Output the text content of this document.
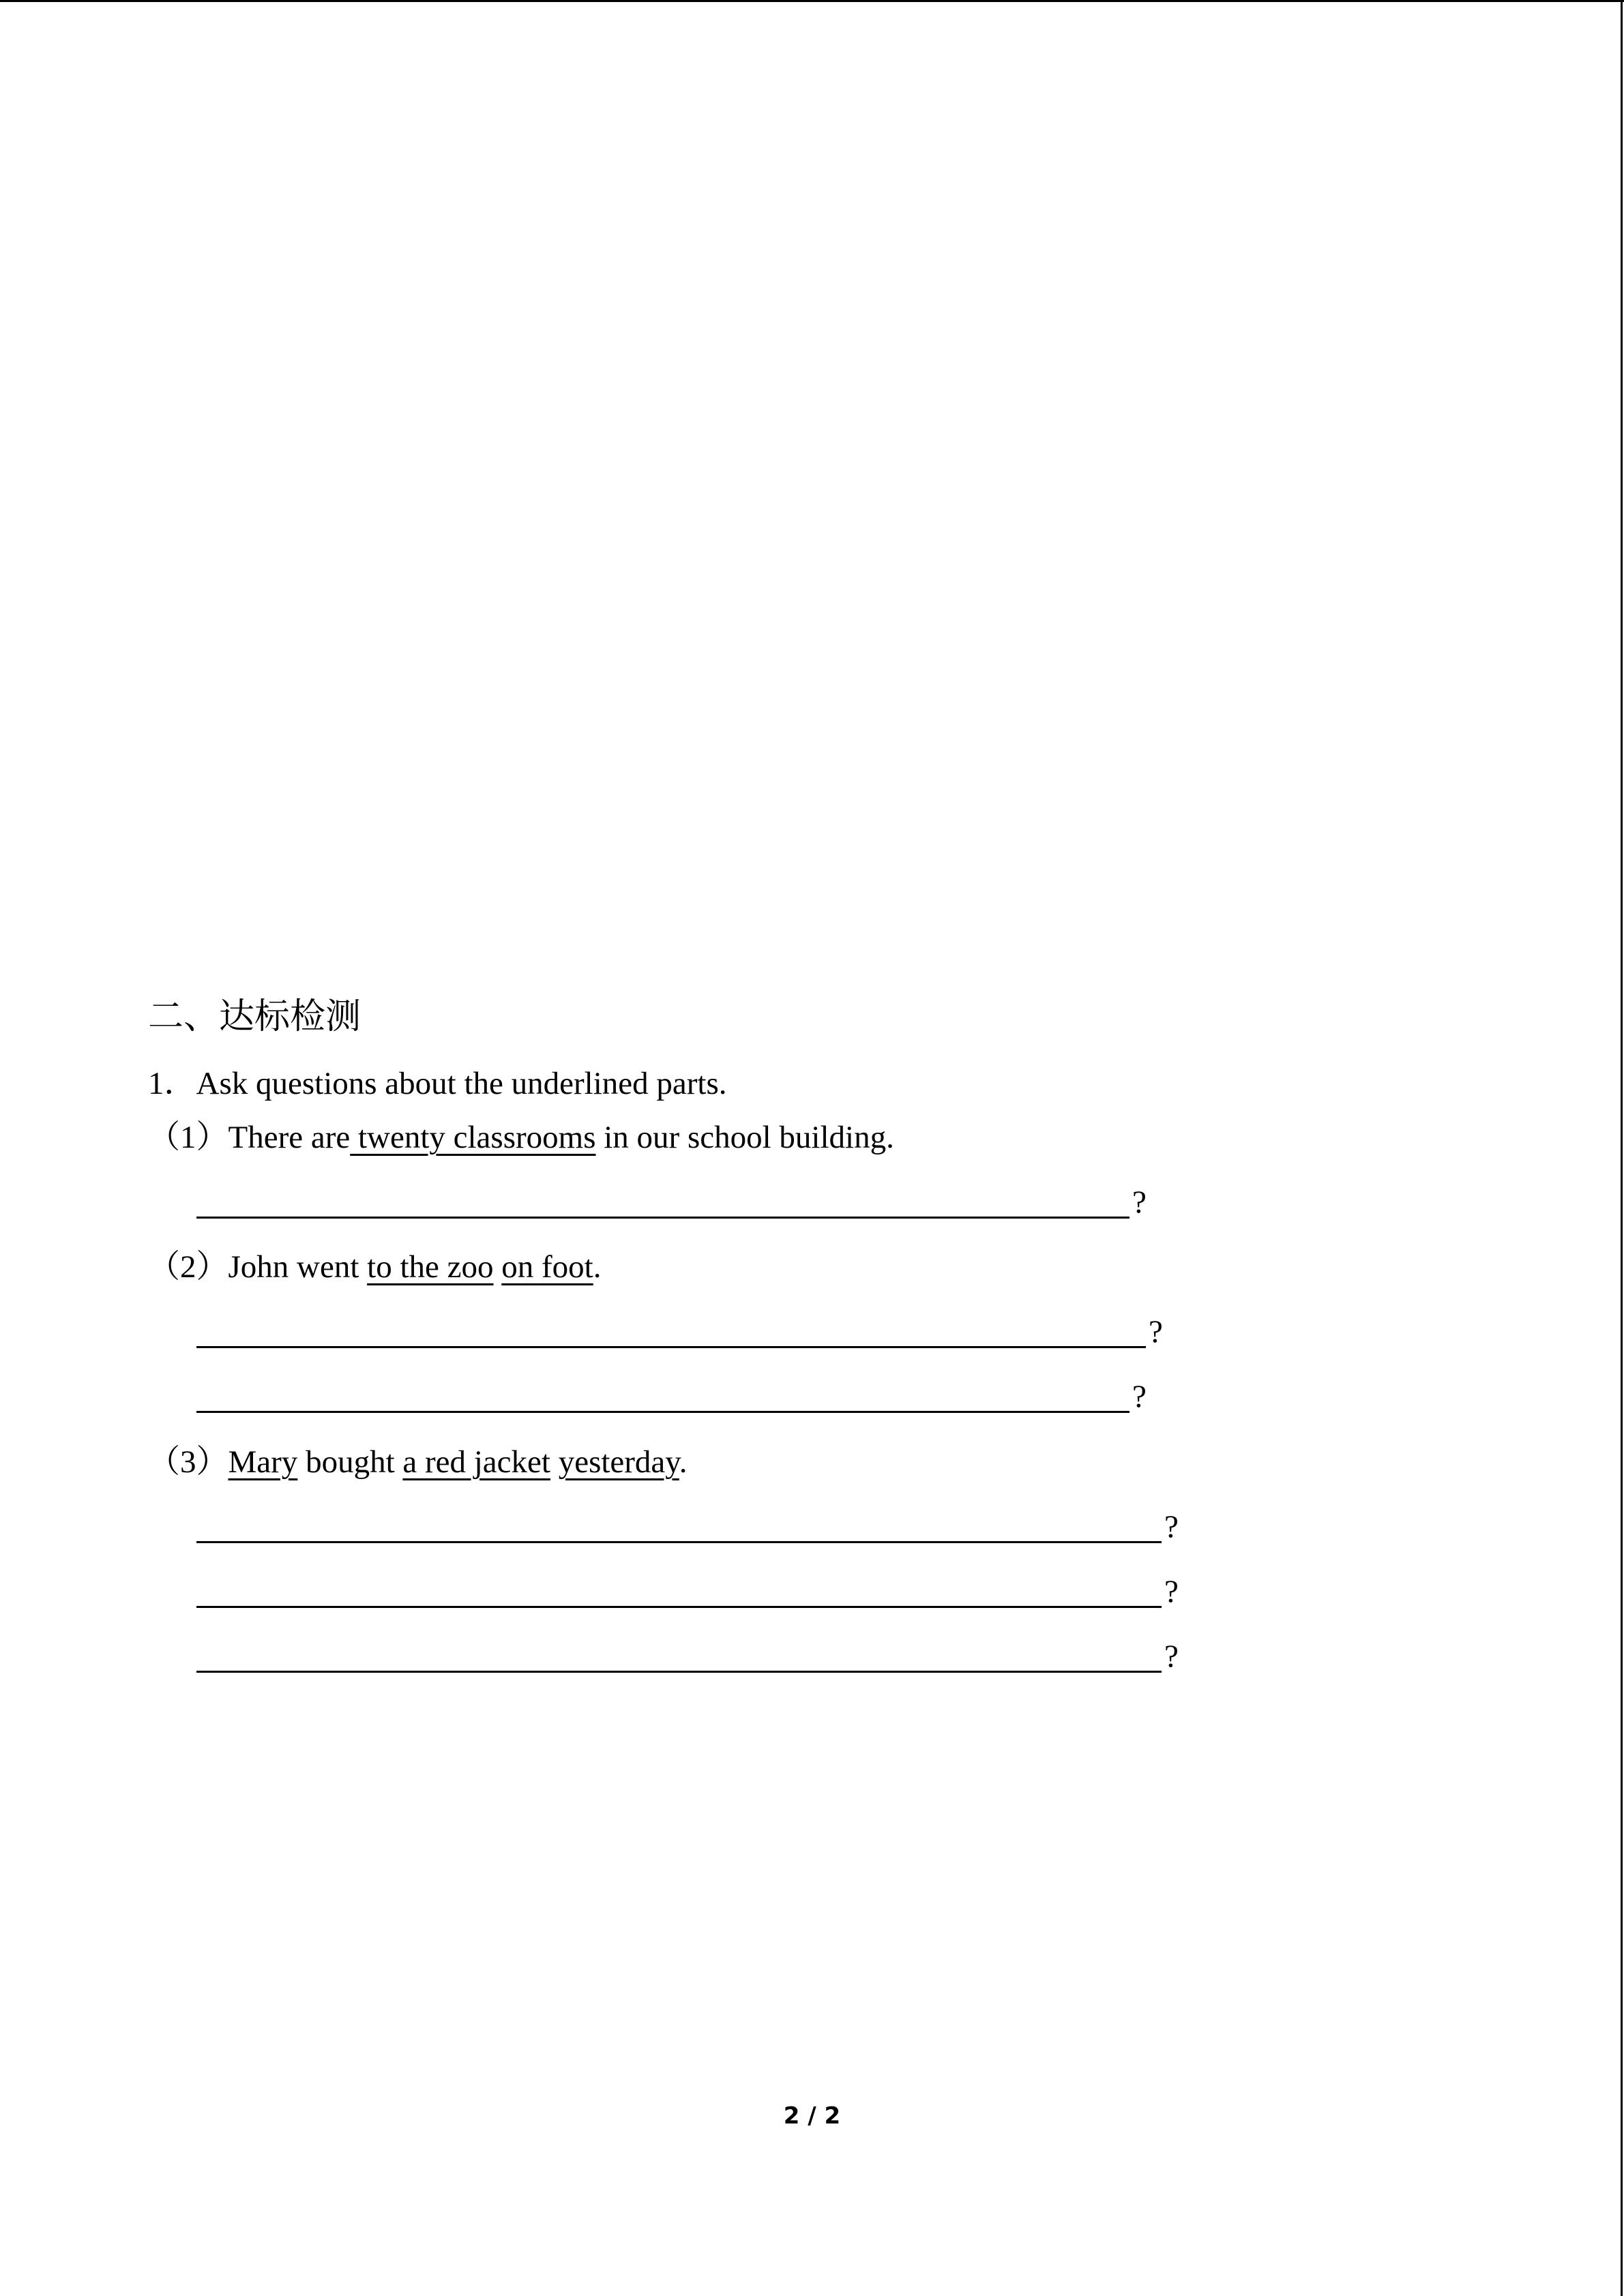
二、达标检测
1．Ask questions about the underlined parts.
（1）There are twenty classrooms in our school building.
?
（2）John went to the zoo on foot.
?
?
（3）Mary bought a red jacket yesterday.
?
?
?
2 / 2
